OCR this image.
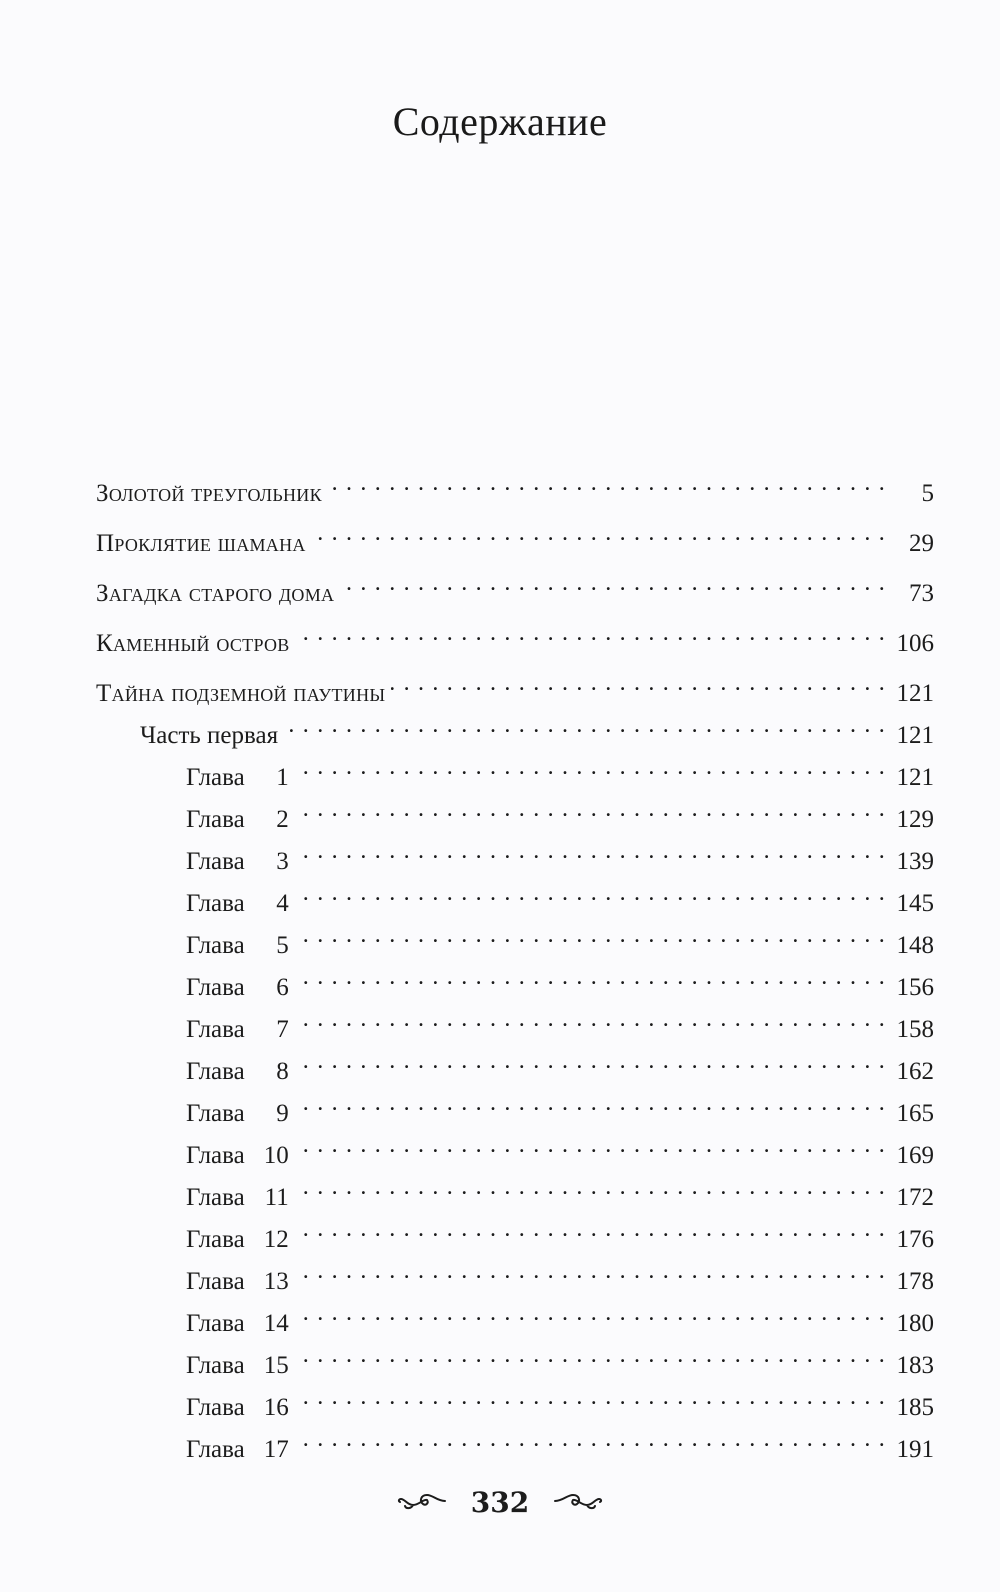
Содержание
Золотой треугольник . . .	5
Проклятие шамана . . .	29
Загадка старого дома . . .	73
Каменный остров . . .	106
Тайна подземной паутины . . .	121
Часть первая . . .	121
Глава 1 . . .	121
Глава 2 . . .	129
Глава 3 . . .	139
Глава 4 . . .	145
Глава 5 . . .	148
Глава 6 . . .	156
Глава 7 . . .	158
Глава 8 . . .	162
Глава 9 . . .	165
Глава 10 . . .	169
Глава 11 . . .	172
Глава 12 . . .	176
Глава 13 . . .	178
Глава 14 . . .	180
Глава 15 . . .	183
Глава 16 . . .	185
Глава 17 . . .	191
332
